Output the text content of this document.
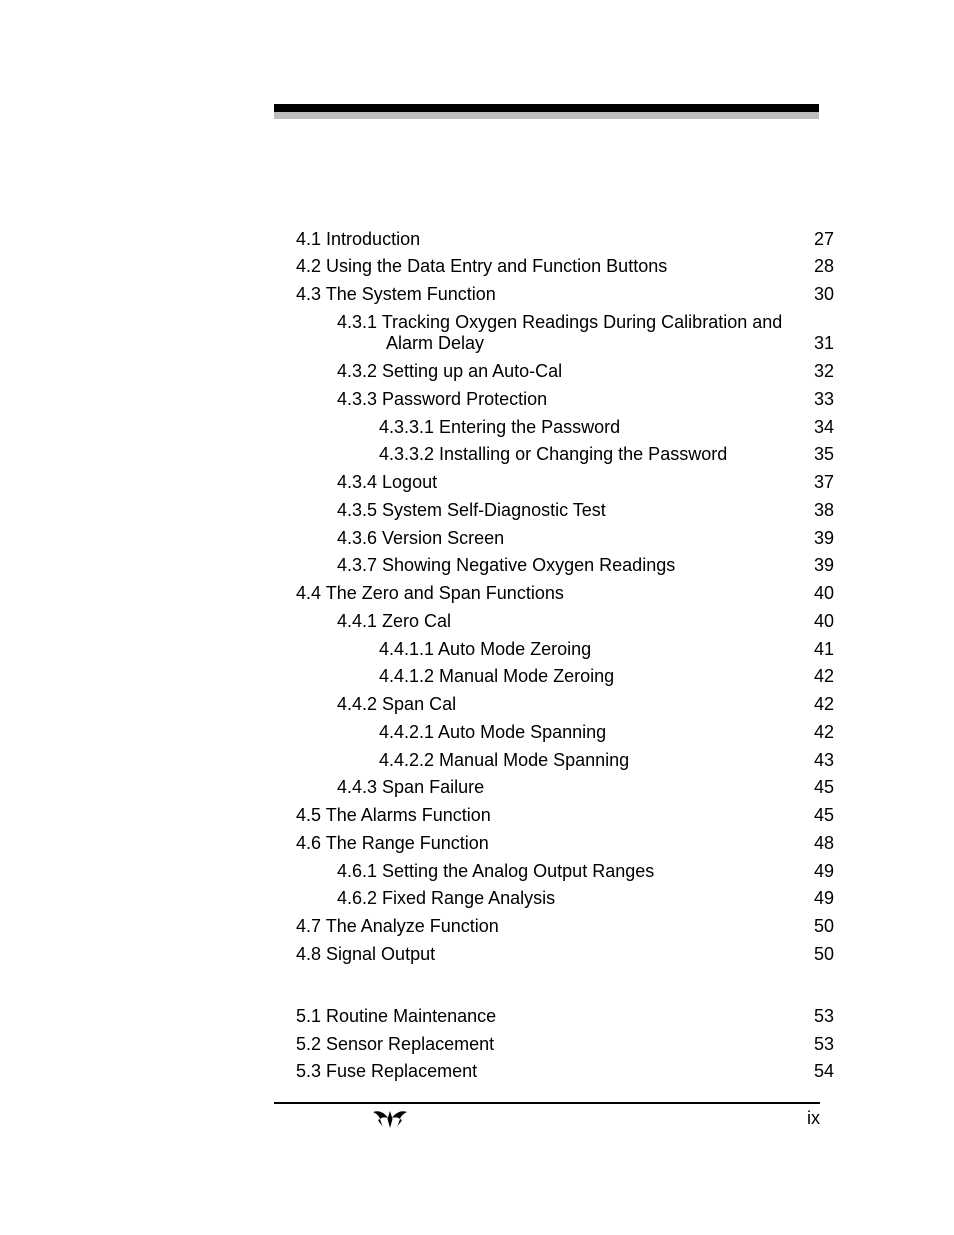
4.1 Introduction	27
4.2 Using the Data Entry and Function Buttons	28
4.3 The System Function	30
4.3.1 Tracking Oxygen Readings During Calibration and
Alarm Delay	31
4.3.2 Setting up an Auto-Cal	32
4.3.3 Password Protection	33
4.3.3.1 Entering the Password	34
4.3.3.2 Installing or Changing the Password	35
4.3.4 Logout	37
4.3.5 System Self-Diagnostic Test	38
4.3.6 Version Screen	39
4.3.7 Showing Negative Oxygen Readings	39
4.4 The Zero and Span Functions	40
4.4.1 Zero Cal	40
4.4.1.1 Auto Mode Zeroing	41
4.4.1.2 Manual Mode Zeroing	42
4.4.2 Span Cal	42
4.4.2.1 Auto Mode Spanning	42
4.4.2.2 Manual Mode Spanning	43
4.4.3 Span Failure	45
4.5 The Alarms Function	45
4.6 The Range Function	48
4.6.1 Setting the Analog Output Ranges	49
4.6.2 Fixed Range Analysis	49
4.7 The Analyze Function	50
4.8 Signal Output	50
5.1 Routine Maintenance	53
5.2 Sensor Replacement	53
5.3 Fuse Replacement	54
ix
